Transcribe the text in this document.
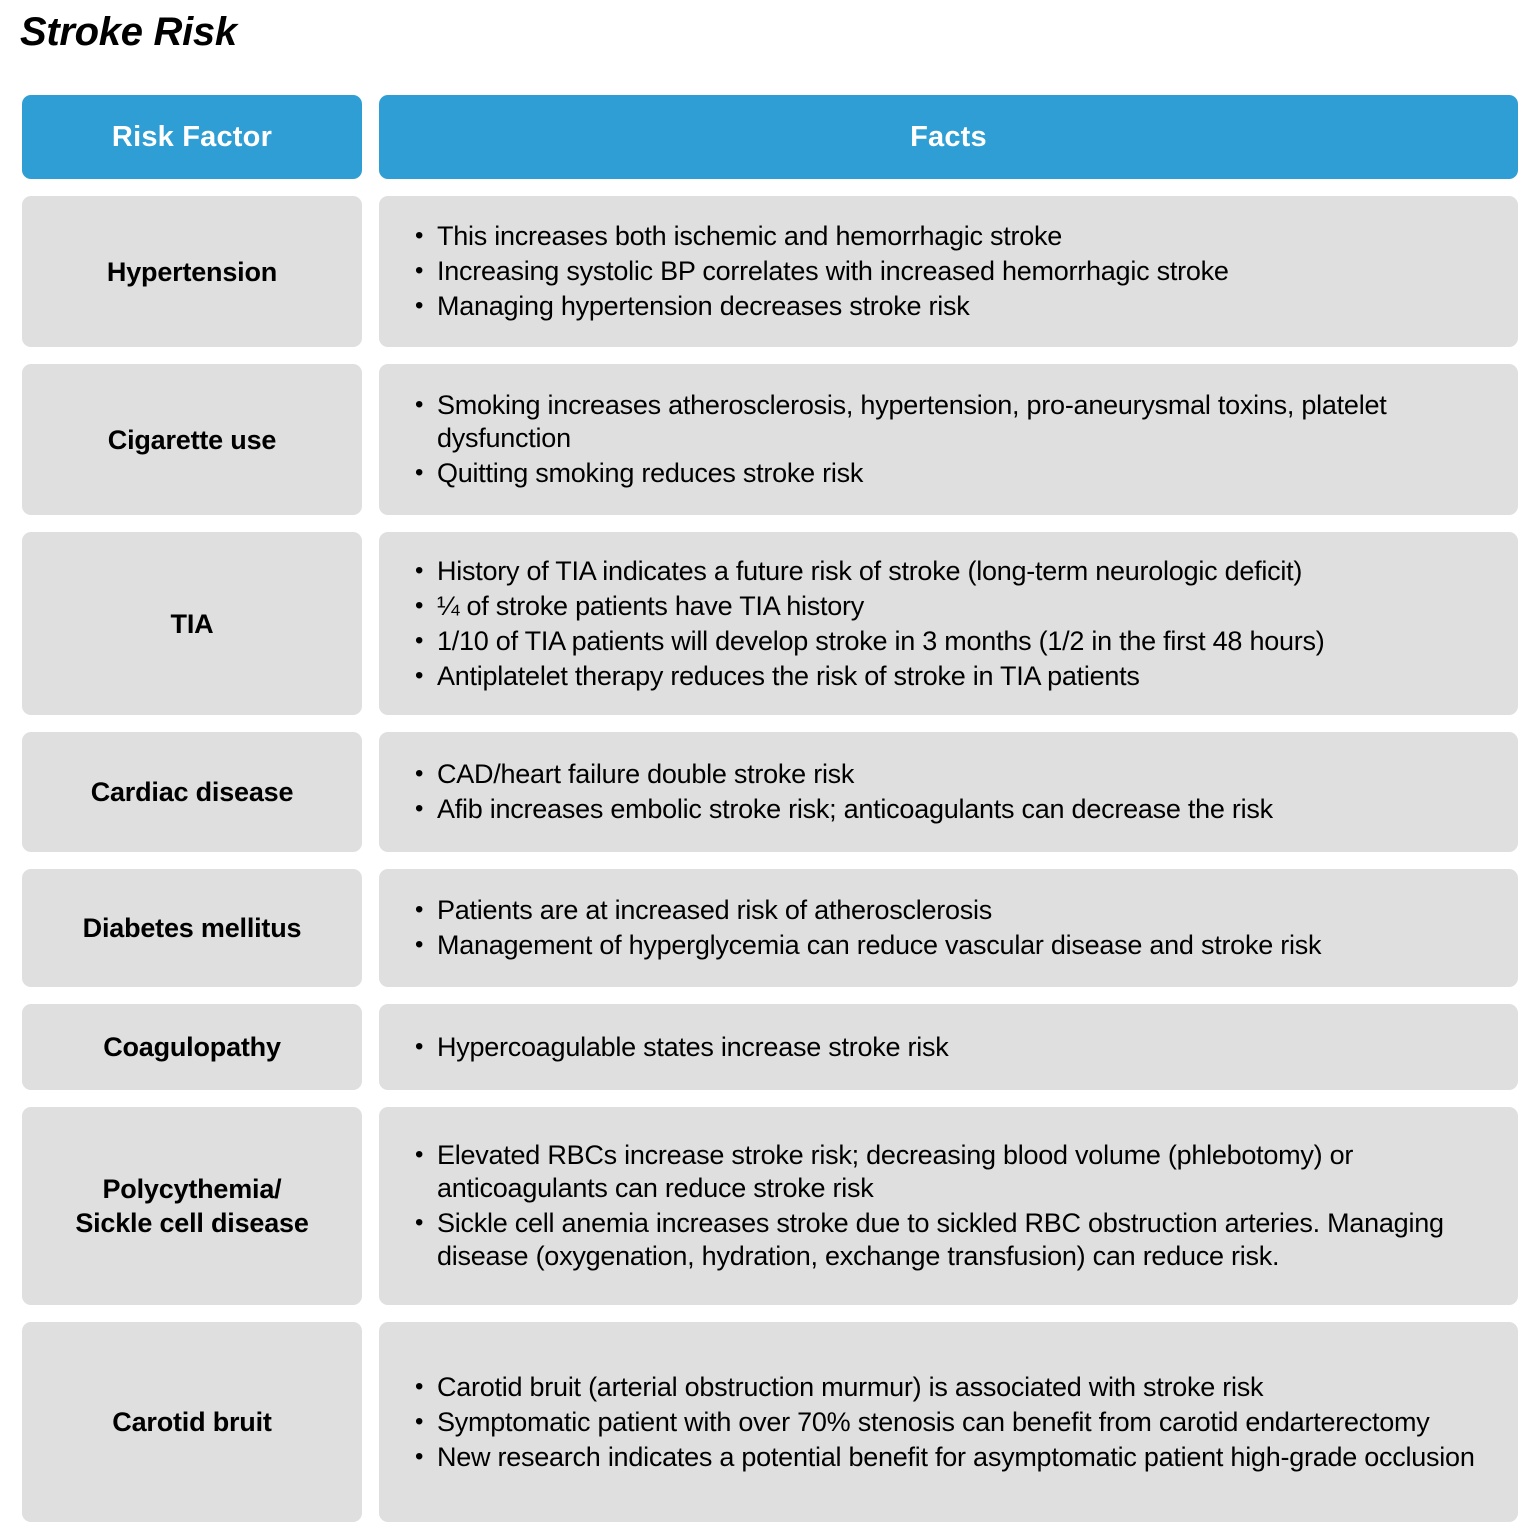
Stroke Risk
Risk Factor	Facts
Hypertension
• This increases both ischemic and hemorrhagic stroke
• Increasing systolic BP correlates with increased hemorrhagic stroke
• Managing hypertension decreases stroke risk
Cigarette use
• Smoking increases atherosclerosis, hypertension, pro-aneurysmal toxins, platelet dysfunction
• Quitting smoking reduces stroke risk
TIA
• History of TIA indicates a future risk of stroke (long-term neurologic deficit)
• ¼ of stroke patients have TIA history
• 1/10 of TIA patients will develop stroke in 3 months (1/2 in the first 48 hours)
• Antiplatelet therapy reduces the risk of stroke in TIA patients
Cardiac disease
• CAD/heart failure double stroke risk
• Afib increases embolic stroke risk; anticoagulants can decrease the risk
Diabetes mellitus
• Patients are at increased risk of atherosclerosis
• Management of hyperglycemia can reduce vascular disease and stroke risk
Coagulopathy	• Hypercoagulable states increase stroke risk
Polycythemia/
Sickle cell disease
• Elevated RBCs increase stroke risk; decreasing blood volume (phlebotomy) or anticoagulants can reduce stroke risk
• Sickle cell anemia increases stroke due to sickled RBC obstruction arteries. Managing disease (oxygenation, hydration, exchange transfusion) can reduce risk.
Carotid bruit
• Carotid bruit (arterial obstruction murmur) is associated with stroke risk
• Symptomatic patient with over 70% stenosis can benefit from carotid endarterectomy
• New research indicates a potential benefit for asymptomatic patient high-grade occlusion
